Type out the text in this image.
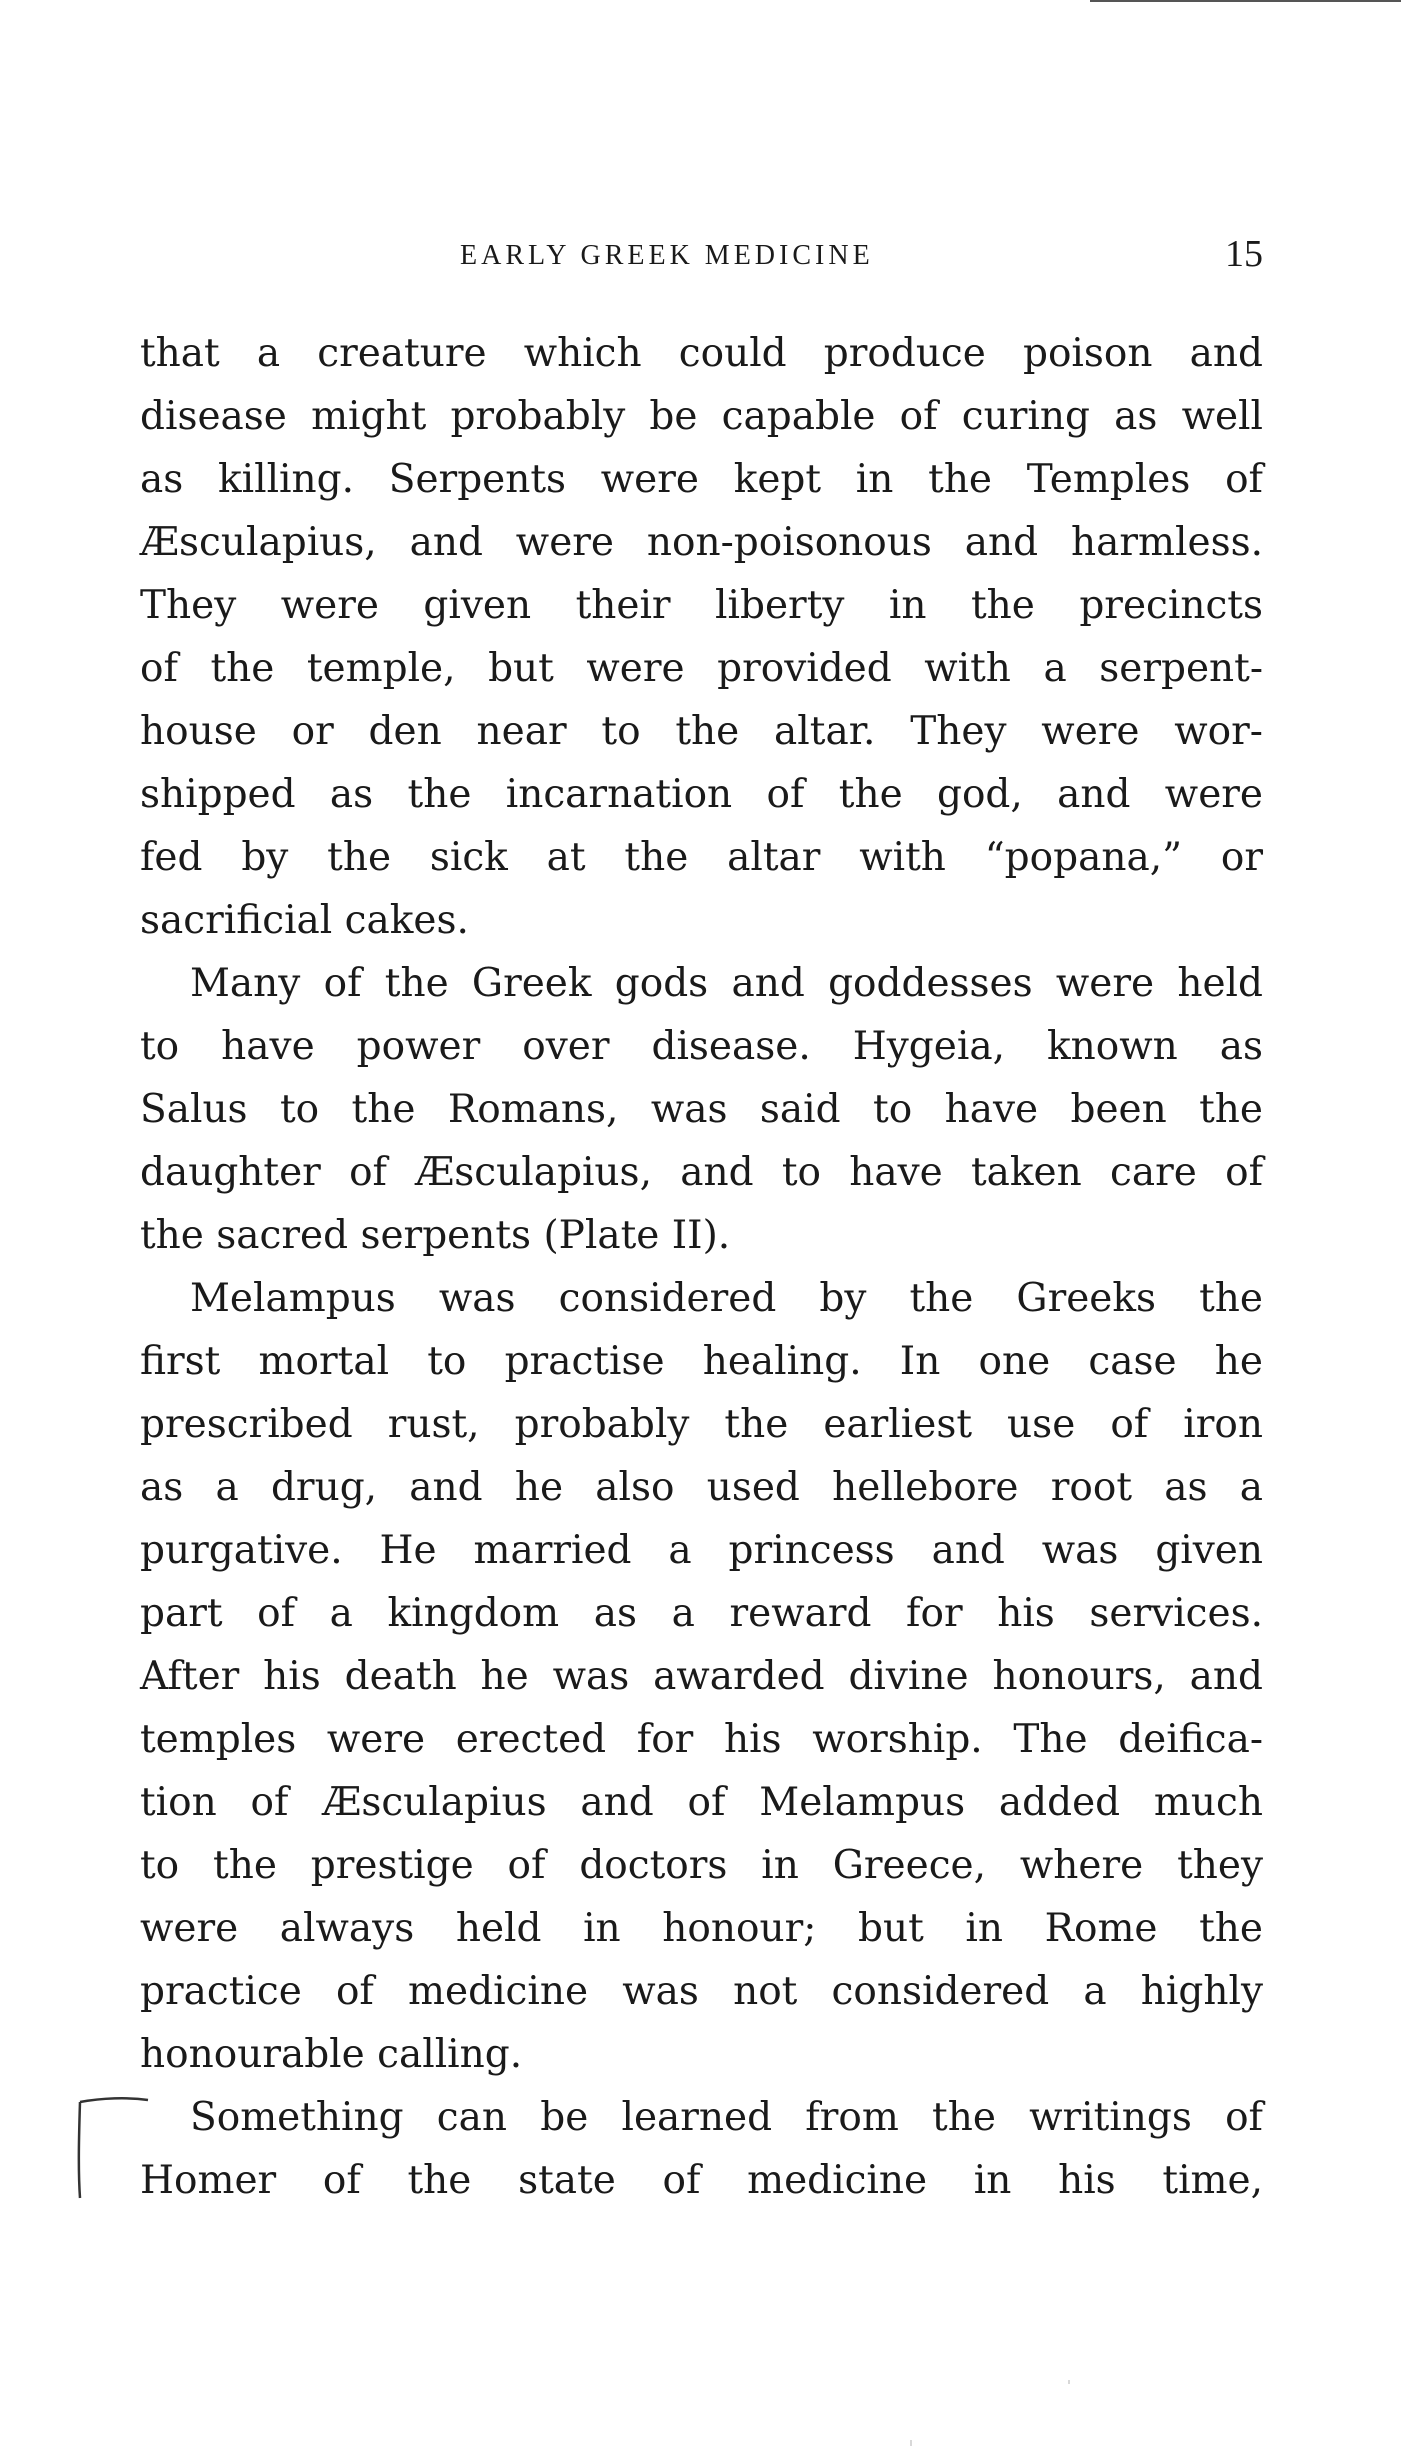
EARLY GREEK MEDICINE	15
that a creature which could produce poison and
disease might probably be capable of curing as well
as killing. Serpents were kept in the Temples of
Æsculapius, and were non-poisonous and harmless.
They were given their liberty in the precincts
of the temple, but were provided with a serpent-
house or den near to the altar. They were wor-
shipped as the incarnation of the god, and were
fed by the sick at the altar with “popana,” or
sacrificial cakes.
Many of the Greek gods and goddesses were held
to have power over disease. Hygeia, known as
Salus to the Romans, was said to have been the
daughter of Æsculapius, and to have taken care of
the sacred serpents (Plate II).
Melampus was considered by the Greeks the
first mortal to practise healing. In one case he
prescribed rust, probably the earliest use of iron
as a drug, and he also used hellebore root as a
purgative. He married a princess and was given
part of a kingdom as a reward for his services.
After his death he was awarded divine honours, and
temples were erected for his worship. The deifica-
tion of Æsculapius and of Melampus added much
to the prestige of doctors in Greece, where they
were always held in honour; but in Rome the
practice of medicine was not considered a highly
honourable calling.
Something can be learned from the writings of
Homer of the state of medicine in his time,
